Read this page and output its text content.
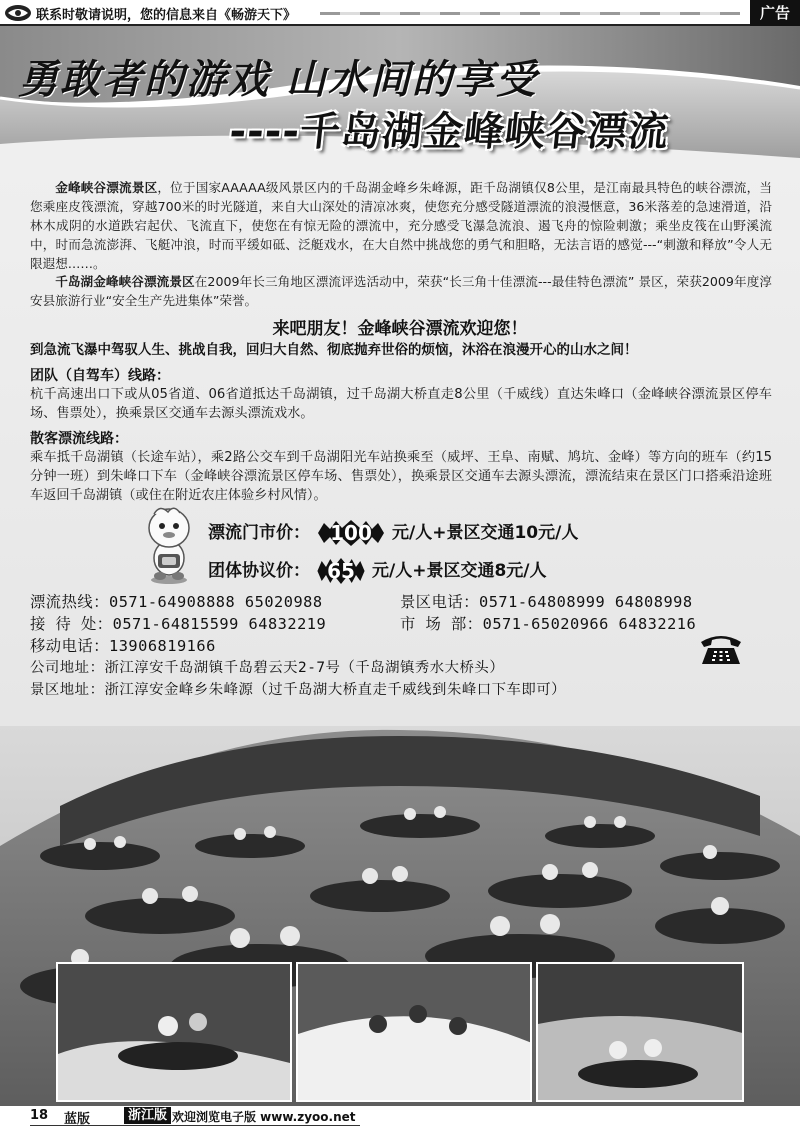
联系时敬请说明，您的信息来自《畅游天下》	广告
勇敢者的游戏 山水间的享受
----千岛湖金峰峡谷漂流
金峰峡谷漂流景区，位于国家AAAAA级风景区内的千岛湖金峰乡朱峰源，距千岛湖镇仅8公里，是江南最具特色的峡谷漂流，当您乘座皮筏漂流，穿越700米的时光隧道，来自大山深处的清凉冰爽，使您充分感受隧道漂流的浪漫惬意，36米落差的急速滑道，沿林木成阴的水道跌宕起伏、飞流直下，使您在有惊无险的漂流中，充分感受飞瀑急流浪、遏飞舟的惊险刺激；乘坐皮筏在山野溪流中，时而急流澎湃、飞艇冲浪，时而平缓如砥、泛艇戏水，在大自然中挑战您的勇气和胆略，无法言语的感觉---“刺激和释放”令人无限遐想……。
千岛湖金峰峡谷漂流景区在2009年长三角地区漂流评选活动中，荣获“长三角十佳漂流---最佳特色漂流” 景区，荣获2009年度淳安县旅游行业“安全生产先进集体”荣誉。
来吧朋友！金峰峡谷漂流欢迎您！
到急流飞瀑中驾驭人生、挑战自我，回归大自然、彻底抛弃世俗的烦恼，沐浴在浪漫开心的山水之间！
团队（自驾车）线路：
杭千高速出口下或从05省道、06省道抵达千岛湖镇，过千岛湖大桥直走8公里（千威线）直达朱峰口（金峰峡谷漂流景区停车场、售票处），换乘景区交通车去源头漂流戏水。
散客漂流线路：
乘车抵千岛湖镇（长途车站），乘2路公交车到千岛湖阳光车站换乘至（威坪、王阜、南赋、鸠坑、金峰）等方向的班车（约15分钟一班）到朱峰口下车（金峰峡谷漂流景区停车场、售票处），换乘景区交通车去源头漂流，漂流结束在景区门口搭乘沿途班车返回千岛湖镇（或住在附近农庄体验乡村风情）。
漂流门市价：	100	元/人+景区交通10元/人
团体协议价： 65	元/人+景区交通8元/人
漂流热线：0571-64908888 65020988	景区电话：0571-64808999 64808998
接 待 处：0571-64815599 64832219	市 场 部：0571-65020966 64832216
移动电话：13906819166
公司地址：浙江淳安千岛湖镇千岛碧云天2-7号（千岛湖镇秀水大桥头）
景区地址：浙江淳安金峰乡朱峰源（过千岛湖大桥直走千威线到朱峰口下车即可）
18 蓝版	浙江版 欢迎浏览电子版 www.zyoo.net
